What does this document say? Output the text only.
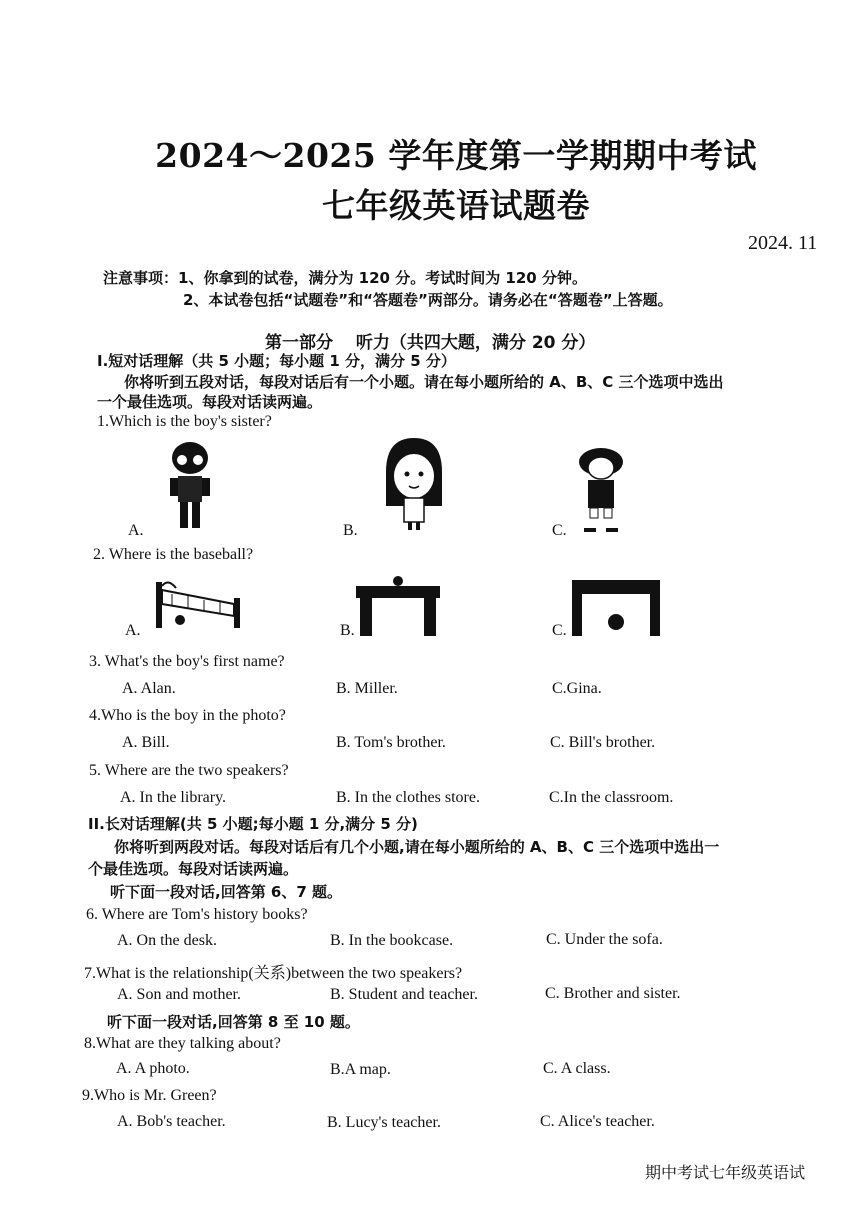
2024～2025 学年度第一学期期中考试
七年级英语试题卷
2024. 11
注意事项：1、你拿到的试卷，满分为 120 分。考试时间为 120 分钟。
2、本试卷包括“试题卷”和“答题卷”两部分。请务必在“答题卷”上答题。
第一部分　 听力（共四大题，满分 20 分）
I.短对话理解（共 5 小题；每小题 1 分，满分 5 分）
你将听到五段对话，每段对话后有一个小题。请在每小题所给的 A、B、C 三个选项中选出
一个最佳选项。每段对话读两遍。
1.Which is the boy's sister?
A.	B.	C.
2. Where is the baseball?
A.	B.	C.
3. What's the boy's first name?
A. Alan.	B. Miller.	C.Gina.
4.Who is the boy in the photo?
A. Bill.	B. Tom's brother.	C. Bill's brother.
5. Where are the two speakers?
A. In the library.	B. In the clothes store.	C.In the classroom.
II.长对话理解(共 5 小题;每小题 1 分,满分 5 分)
你将听到两段对话。每段对话后有几个小题,请在每小题所给的 A、B、C 三个选项中选出一
个最佳选项。每段对话读两遍。
听下面一段对话,回答第 6、7 题。
6. Where are Tom's history books?
A. On the desk.	B. In the bookcase.	C. Under the sofa.
7.What is the relationship(关系)between the two speakers?
A. Son and mother.	B. Student and teacher.	C. Brother and sister.
听下面一段对话,回答第 8 至 10 题。
8.What are they talking about?
A. A photo.	B.A map.	C. A class.
9.Who is Mr. Green?
A. Bob's teacher.	B. Lucy's teacher.	C. Alice's teacher.
期中考试七年级英语试
